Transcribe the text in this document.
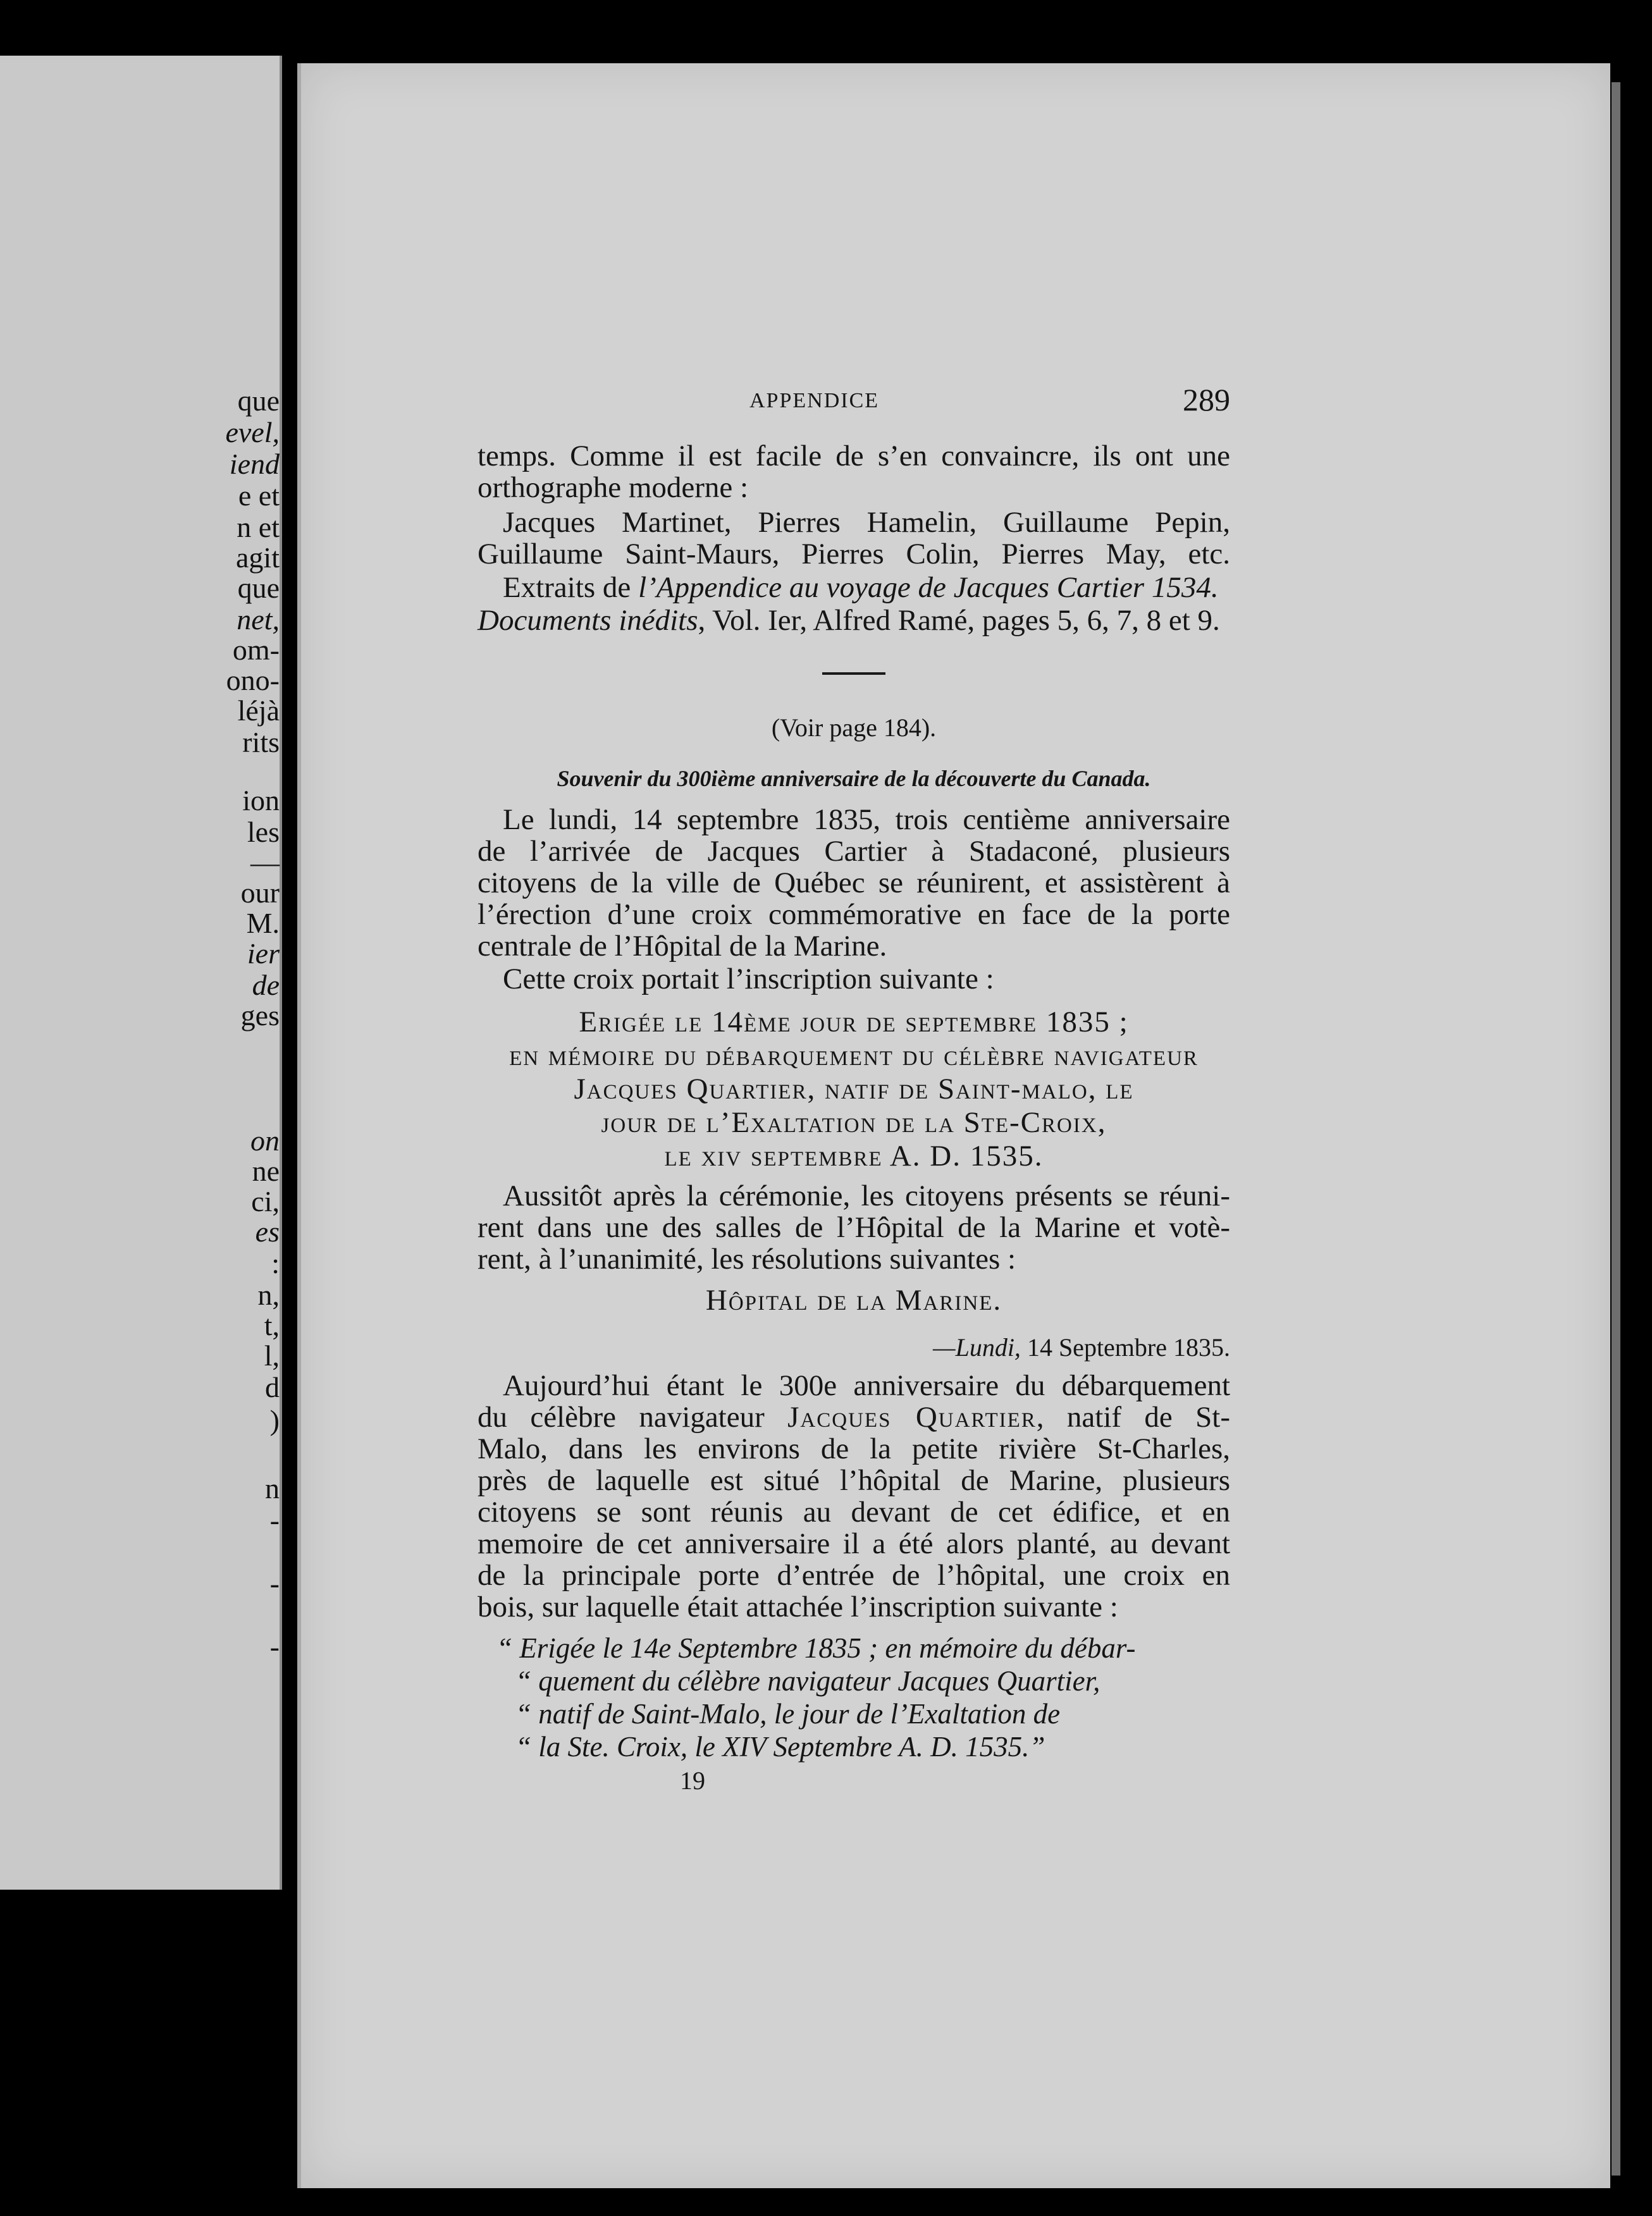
que

evel,

iend

e et

n et

agit

que

net,

om-

ono-

léjà

rits

ion

les

—

our

M.

ier

de

ges

on

ne

ci,

es

:

n,

t,

l,

d

)

n

-

-

-

APPENDICE	289

temps. Comme il est facile de s’en convaincre, ils ont une

orthographe moderne :

Jacques Martinet, Pierres Hamelin, Guillaume Pepin,

Guillaume Saint-Maurs, Pierres Colin, Pierres May, etc.

Extraits de l’Appendice au voyage de Jacques Cartier 1534.

Documents inédits, Vol. Ier, Alfred Ramé, pages 5, 6, 7, 8 et 9.

(Voir page 184).

Souvenir du 300ième anniversaire de la découverte du Canada.

Le lundi, 14 septembre 1835, trois centième anniversaire

de l’arrivée de Jacques Cartier à Stadaconé, plusieurs

citoyens de la ville de Québec se réunirent, et assistèrent à

l’érection d’une croix commémorative en face de la porte

centrale de l’Hôpital de la Marine.

Cette croix portait l’inscription suivante :

Erigée le 14ème jour de septembre 1835 ;

en mémoire du débarquement du célèbre navigateur

Jacques Quartier, natif de Saint-malo, le

jour de l’Exaltation de la Ste-Croix,

le xiv septembre A. D. 1535.

Aussitôt après la cérémonie, les citoyens présents se réuni-

rent dans une des salles de l’Hôpital de la Marine et votè-

rent, à l’unanimité, les résolutions suivantes :

Hôpital de la Marine.

—Lundi, 14 Septembre 1835.

Aujourd’hui étant le 300e anniversaire du débarquement

du célèbre navigateur Jacques Quartier, natif de St-

Malo, dans les environs de la petite rivière St-Charles,

près de laquelle est situé l’hôpital de Marine, plusieurs

citoyens se sont réunis au devant de cet édifice, et en

memoire de cet anniversaire il a été alors planté, au devant

de la principale porte d’entrée de l’hôpital, une croix en

bois, sur laquelle était attachée l’inscription suivante :

“ Erigée le 14e Septembre 1835 ; en mémoire du débar-

“ quement du célèbre navigateur Jacques Quartier,

“ natif de Saint-Malo, le jour de l’Exaltation de

“ la Ste. Croix, le XIV Septembre A. D. 1535.”

19
